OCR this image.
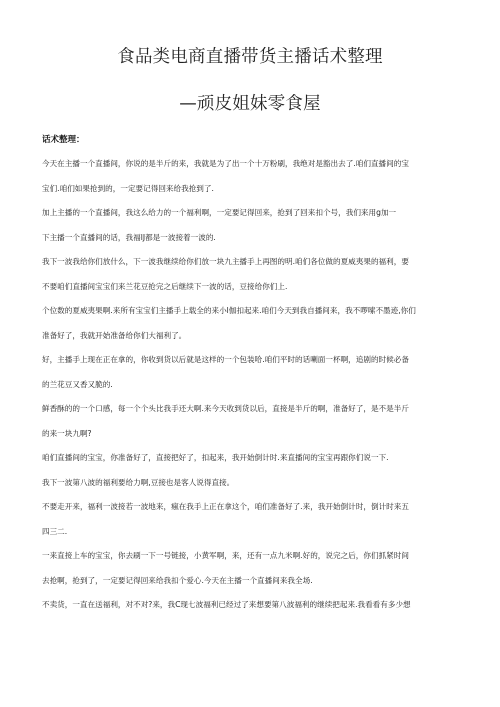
食品类电商直播带货主播话术整理
—顽皮姐妹零食屋
话术整理：

今天在主播一个直播间，你说的是半斤的来，我就是为了出一个十万粉刷，我绝对是豁出去了.咱们直播间的宝
宝们.咱们如果抢到的，一定要记得回来给我抢到了.

加上主播的一个直播间，我这么给力的一个福利啊，一定要记得回来，抢到了回来扣个号，我们来用g加一
下主播一个直播间的话，我福lJ都是一波接着一波的.

我下一波我给你们放什么，下一波我继续给你们放一块九主播手上再图的明.咱们各位做的夏威夷果的福利，要
不要咱们直播间宝宝们来兰花豆抢完之后继续下一波的话，豆接给你们上.

个位数的夏威夷果啊.来所有宝宝们主播手上载全的来小l伽扣起来.咱们今天到我自播间来，我不啰嗦不墨迹,你们
准备好了，我就开始准备给你们大福利了。

好，主播手上现在正在拿的，你收到货以后就是这样的一个包装哈.咱们平时的话喇面一杯啊，追剧的时候必备
的兰花豆又香又脆的.

鲜香酥的的一个口感，每一个个头比我手还大啊.来今天收到货以后，直接是半斤的啊，准备好了，是不是半斤
的来一块九啊?

咱们直播间的宝宝，你准备好了，直接把好了，扣起来，我开始倒计时.来直播间的宝宝再跟你们说一下.

我下一波第八波的福利要给力啊,豆接也是客人说得直接。

不要走开来，福利一波接若一波地来，瘋在我手上正在拿这个，咱们准备好了.来，我开始倒计时，倒计时来五
四三二.

一来直接上车的宝宝，你去刷一下一号链接，小黄军啊，来，还有一点九米啊.好的，说完之后，你们抓紧时间
去抢啊，抢到了，一定要记得回来给我扣个爱心.今天在主播一个直播间来我全场.

不卖货，一直在送福利，对不对?来，我C现七波福利已经过了来想要第八波福利的继续把起来.我看看有多少想
